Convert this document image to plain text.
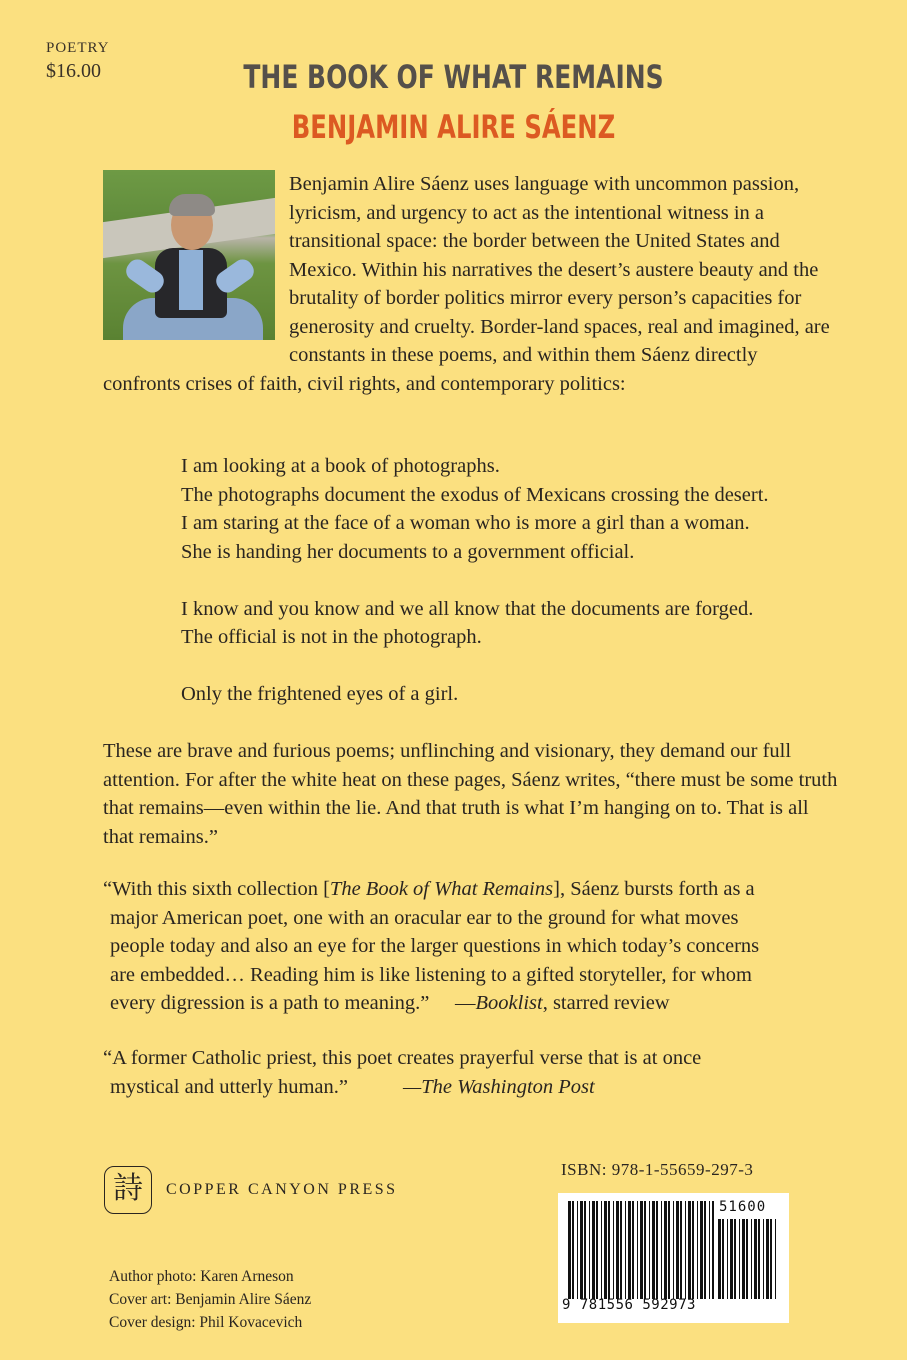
POETRY
$16.00	THE BOOK OF WHAT REMAINS
BENJAMIN ALIRE SÁENZ
Benjamin Alire Sáenz uses language with uncommon passion, lyricism, and urgency to act as the intentional witness in a transitional space: the border between the United States and Mexico. Within his narratives the desert’s austere beauty and the brutality of border politics mirror every person’s capacities for generosity and cruelty. Border-land spaces, real and imagined, are constants in these poems, and within them Sáenz directly confronts crises of faith, civil rights, and contemporary politics:

I am looking at a book of photographs.

The photographs document the exodus of Mexicans crossing the desert.

I am staring at the face of a woman who is more a girl than a woman.

She is handing her documents to a government official.

I know and you know and we all know that the documents are forged.

The official is not in the photograph.

Only the frightened eyes of a girl.

These are brave and furious poems; unflinching and visionary, they demand our full attention. For after the white heat on these pages, Sáenz writes, “there must be some truth that remains—even within the lie. And that truth is what I’m hanging on to. That is all that remains.”
“With this sixth collection [The Book of What Remains], Sáenz bursts forth as a
major American poet, one with an oracular ear to the ground for what moves
people today and also an eye for the larger questions in which today’s concerns
are embedded… Reading him is like listening to a gifted storyteller, for whom
every digression is a path to meaning.”     —Booklist, starred review
“A former Catholic priest, this poet creates prayerful verse that is at once
mystical and utterly human.”	—The Washington Post
詩	COPPER CANYON PRESS
ISBN: 978-1-55659-297-3
9 781556 592973
51600
Author photo: Karen Arneson
Cover art: Benjamin Alire Sáenz
Cover design: Phil Kovacevich
